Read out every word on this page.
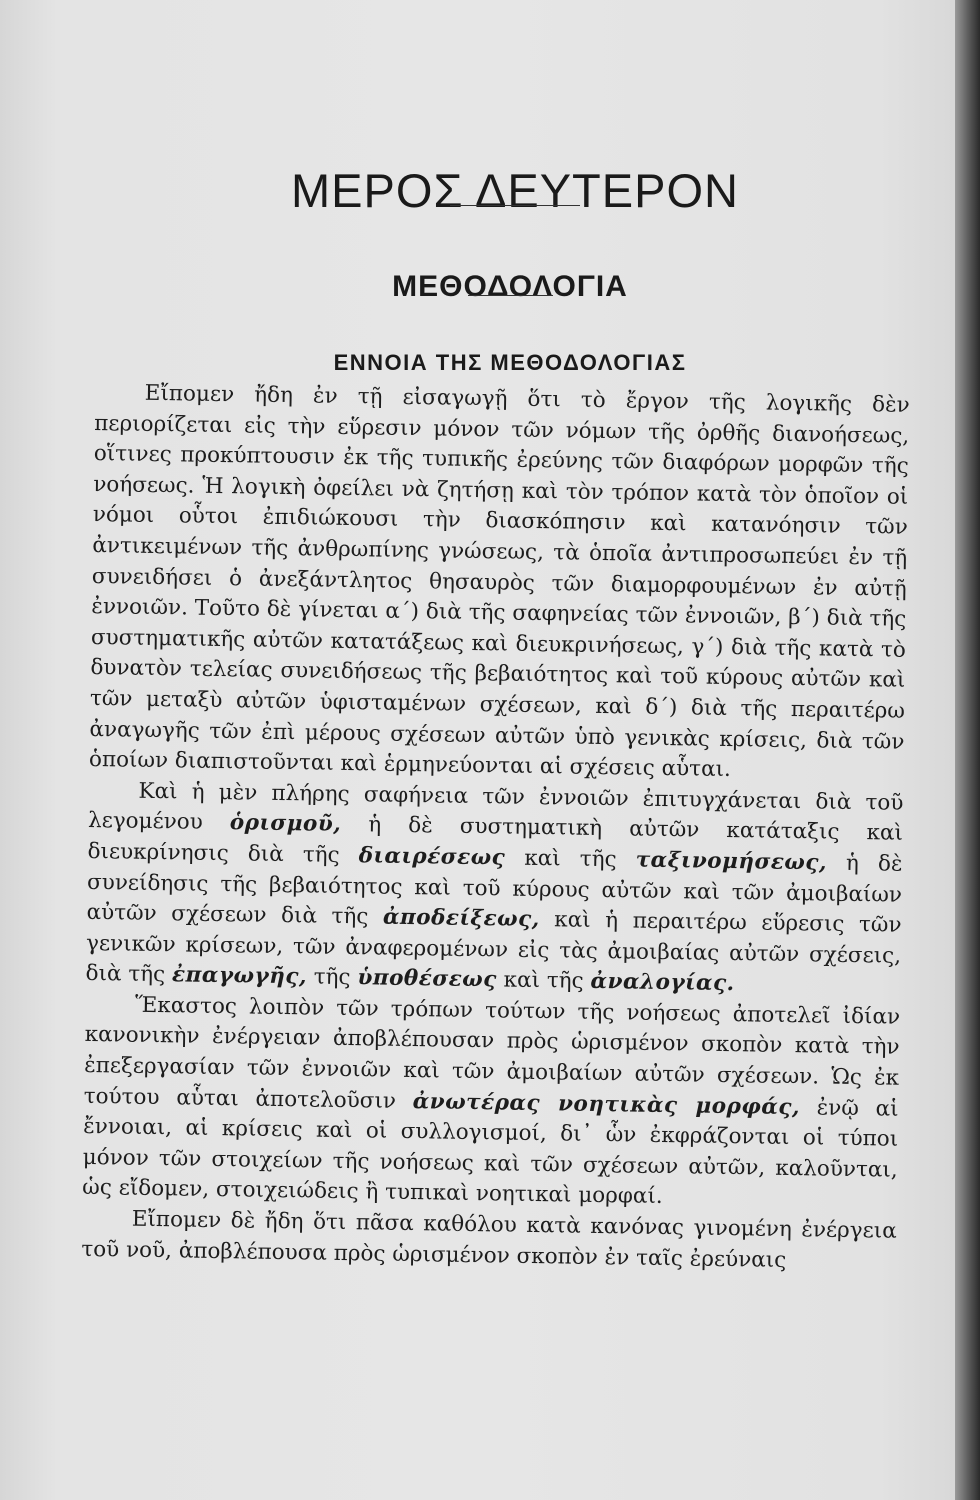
ΜΕΡΟΣ ΔΕΥΤΕΡΟΝ
ΜΕΘΟΔΟΛΟΓΙΑ
ΕΝΝΟΙΑ ΤΗΣ ΜΕΘΟΔΟΛΟΓΙΑΣ

Εἴπομεν ἤδη ἐν τῇ εἰσαγωγῇ ὅτι τὸ ἔργον τῆς λογικῆς δὲν περιορίζεται εἰς τὴν εὕρεσιν μόνον τῶν νόμων τῆς ὀρθῆς διανοήσεως, οἵτινες προκύπτουσιν ἐκ τῆς τυπικῆς ἐρεύνης τῶν διαφόρων μορφῶν τῆς νοήσεως. Ἡ λογικὴ ὀφείλει νὰ ζητήσῃ καὶ τὸν τρόπον κατὰ τὸν ὁποῖον οἱ νόμοι οὗτοι ἐπιδιώκουσι τὴν διασκόπησιν καὶ κατανόησιν τῶν ἀντικειμένων τῆς ἀνθρωπίνης γνώσεως, τὰ ὁποῖα ἀντιπροσωπεύει ἐν τῇ συνειδήσει ὁ ἀνεξάντλητος θησαυρὸς τῶν διαμορφουμένων ἐν αὐτῇ ἐννοιῶν. Τοῦτο δὲ γίνεται α΄) διὰ τῆς σαφηνείας τῶν ἐννοιῶν, β΄) διὰ τῆς συστηματικῆς αὐτῶν κατατάξεως καὶ διευκρινήσεως, γ΄) διὰ τῆς κατὰ τὸ δυνατὸν τελείας συνειδήσεως τῆς βεβαιότητος καὶ τοῦ κύρους αὐτῶν καὶ τῶν μεταξὺ αὐτῶν ὑφισταμένων σχέσεων, καὶ δ΄) διὰ τῆς περαιτέρω ἀναγωγῆς τῶν ἐπὶ μέρους σχέσεων αὐτῶν ὑπὸ γενικὰς κρίσεις, διὰ τῶν ὁποίων διαπιστοῦνται καὶ ἑρμηνεύονται αἱ σχέσεις αὗται.

Καὶ ἡ μὲν πλήρης σαφήνεια τῶν ἐννοιῶν ἐπιτυγχάνεται διὰ τοῦ λεγομένου ὁρισμοῦ, ἡ δὲ συστηματικὴ αὐτῶν κατάταξις καὶ διευκρίνησις διὰ τῆς διαιρέσεως καὶ τῆς ταξινομήσεως, ἡ δὲ συνείδησις τῆς βεβαιότητος καὶ τοῦ κύρους αὐτῶν καὶ τῶν ἀμοιβαίων αὐτῶν σχέσεων διὰ τῆς ἀποδείξεως, καὶ ἡ περαιτέρω εὕρεσις τῶν γενικῶν κρίσεων, τῶν ἀναφερομένων εἰς τὰς ἀμοιβαίας αὐτῶν σχέσεις, διὰ τῆς ἐπαγωγῆς, τῆς ὑποθέσεως καὶ τῆς ἀναλογίας.

Ἕκαστος λοιπὸν τῶν τρόπων τούτων τῆς νοήσεως ἀποτελεῖ ἰδίαν κανονικὴν ἐνέργειαν ἀποβλέπουσαν πρὸς ὡρισμένον σκοπὸν κατὰ τὴν ἐπεξεργασίαν τῶν ἐννοιῶν καὶ τῶν ἀμοιβαίων αὐτῶν σχέσεων. Ὡς ἐκ τούτου αὗται ἀποτελοῦσιν ἀνωτέρας νοητικὰς μορφάς, ἐνῷ αἱ ἔννοιαι, αἱ κρίσεις καὶ οἱ συλλογισμοί, δι᾽ ὧν ἐκφράζονται οἱ τύποι μόνον τῶν στοιχείων τῆς νοήσεως καὶ τῶν σχέσεων αὐτῶν, καλοῦνται, ὡς εἴδομεν, στοιχειώδεις ἢ τυπικαὶ νοητικαὶ μορφαί.

Εἴπομεν δὲ ἤδη ὅτι πᾶσα καθόλου κατὰ κανόνας γινομένη ἐνέργεια τοῦ νοῦ, ἀποβλέπουσα πρὸς ὡρισμένον σκοπὸν ἐν ταῖς ἐρεύναις
